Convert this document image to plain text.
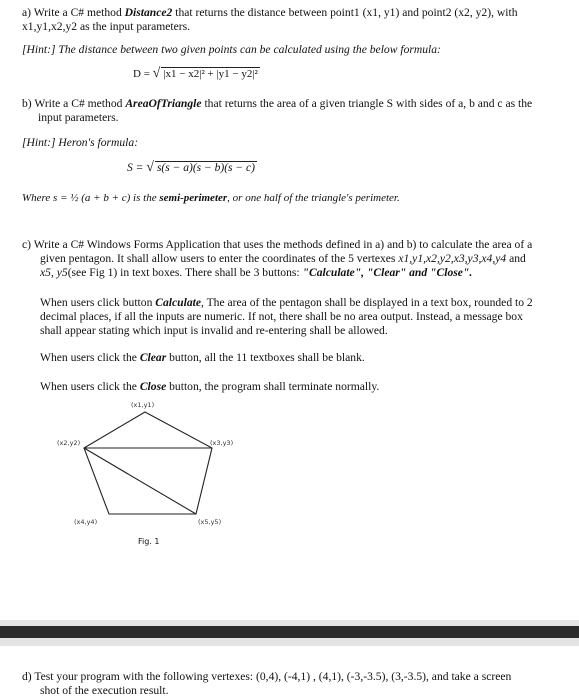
a) Write a C# method Distance2 that returns the distance between point1 (x1, y1) and point2 (x2, y2), with
x1,y1,x2,y2 as the input parameters.
[Hint:] The distance between two given points can be calculated using the below formula:
D = √ |x1 − x2|² + |y1 − y2|²
b) Write a C# method AreaOfTriangle that returns the area of a given triangle S with sides of a, b and c as the
input parameters.
[Hint:] Heron's formula:
S = √ s(s − a)(s − b)(s − c)
Where s = ½ (a + b + c) is the semi-perimeter, or one half of the triangle's perimeter.
c) Write a C# Windows Forms Application that uses the methods defined in a) and b) to calculate the area of a
given pentagon. It shall allow users to enter the coordinates of the 5 vertexes x1,y1,x2,y2,x3,y3,x4,y4 and
x5, y5(see Fig 1) in text boxes. There shall be 3 buttons: "Calculate", "Clear" and "Close".
When users click button Calculate, The area of the pentagon shall be displayed in a text box, rounded to 2
decimal places, if all the inputs are numeric. If not, there shall be no area output. Instead, a message box
shall appear stating which input is invalid and re-entering shall be allowed.
When users click the Clear button, all the 11 textboxes shall be blank.
When users click the Close button, the program shall terminate normally.
(x1,y1)
(x2,y2)	(x3,y3)
(x4,y4)	(x5,y5)
Fig. 1
d) Test your program with the following vertexes: (0,4), (-4,1) , (4,1), (-3,-3.5), (3,-3.5), and take a screen
shot of the execution result.
